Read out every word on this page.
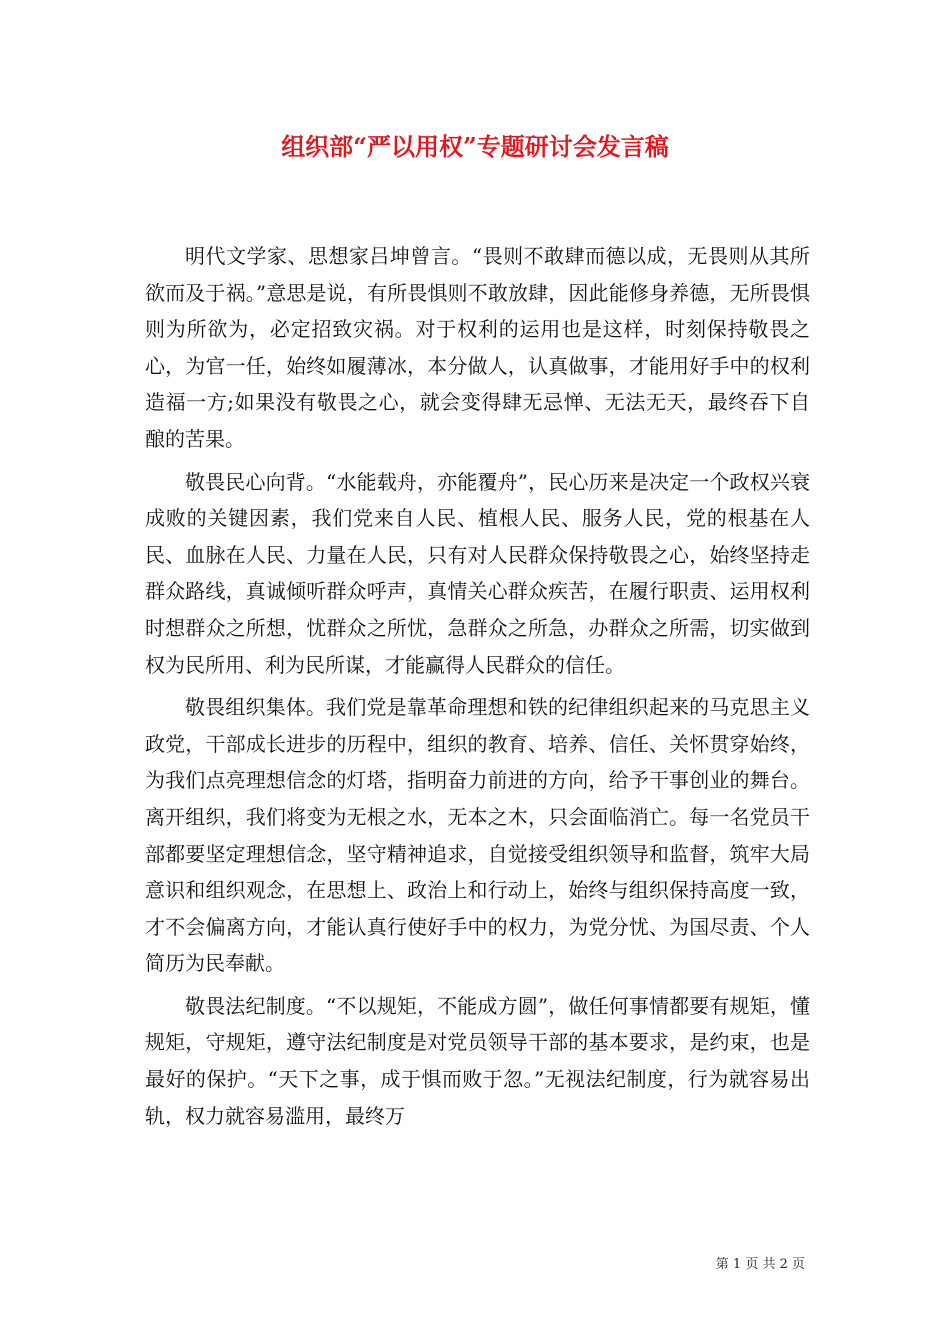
组织部“严以用权”专题研讨会发言稿

明代文学家、思想家吕坤曾言。“畏则不敢肆而德以成，无畏则从其所欲而及于祸。”意思是说，有所畏惧则不敢放肆，因此能修身养德，无所畏惧则为所欲为，必定招致灾祸。对于权利的运用也是这样，时刻保持敬畏之心，为官一任，始终如履薄冰，本分做人，认真做事，才能用好手中的权利造福一方;如果没有敬畏之心，就会变得肆无忌惮、无法无天，最终吞下自酿的苦果。

敬畏民心向背。“水能载舟，亦能覆舟”，民心历来是决定一个政权兴衰成败的关键因素，我们党来自人民、植根人民、服务人民，党的根基在人民、血脉在人民、力量在人民，只有对人民群众保持敬畏之心，始终坚持走群众路线，真诚倾听群众呼声，真情关心群众疾苦，在履行职责、运用权利时想群众之所想，忧群众之所忧，急群众之所急，办群众之所需，切实做到权为民所用、利为民所谋，才能赢得人民群众的信任。

敬畏组织集体。我们党是靠革命理想和铁的纪律组织起来的马克思主义政党，干部成长进步的历程中，组织的教育、培养、信任、关怀贯穿始终，为我们点亮理想信念的灯塔，指明奋力前进的方向，给予干事创业的舞台。离开组织，我们将变为无根之水，无本之木，只会面临消亡。每一名党员干部都要坚定理想信念，坚守精神追求，自觉接受组织领导和监督，筑牢大局意识和组织观念，在思想上、政治上和行动上，始终与组织保持高度一致，才不会偏离方向，才能认真行使好手中的权力，为党分忧、为国尽责、个人简历为民奉献。

敬畏法纪制度。“不以规矩，不能成方圆”，做任何事情都要有规矩，懂规矩，守规矩，遵守法纪制度是对党员领导干部的基本要求，是约束，也是最好的保护。“天下之事，成于惧而败于忽。”无视法纪制度，行为就容易出轨，权力就容易滥用，最终万

第 1 页 共 2 页
